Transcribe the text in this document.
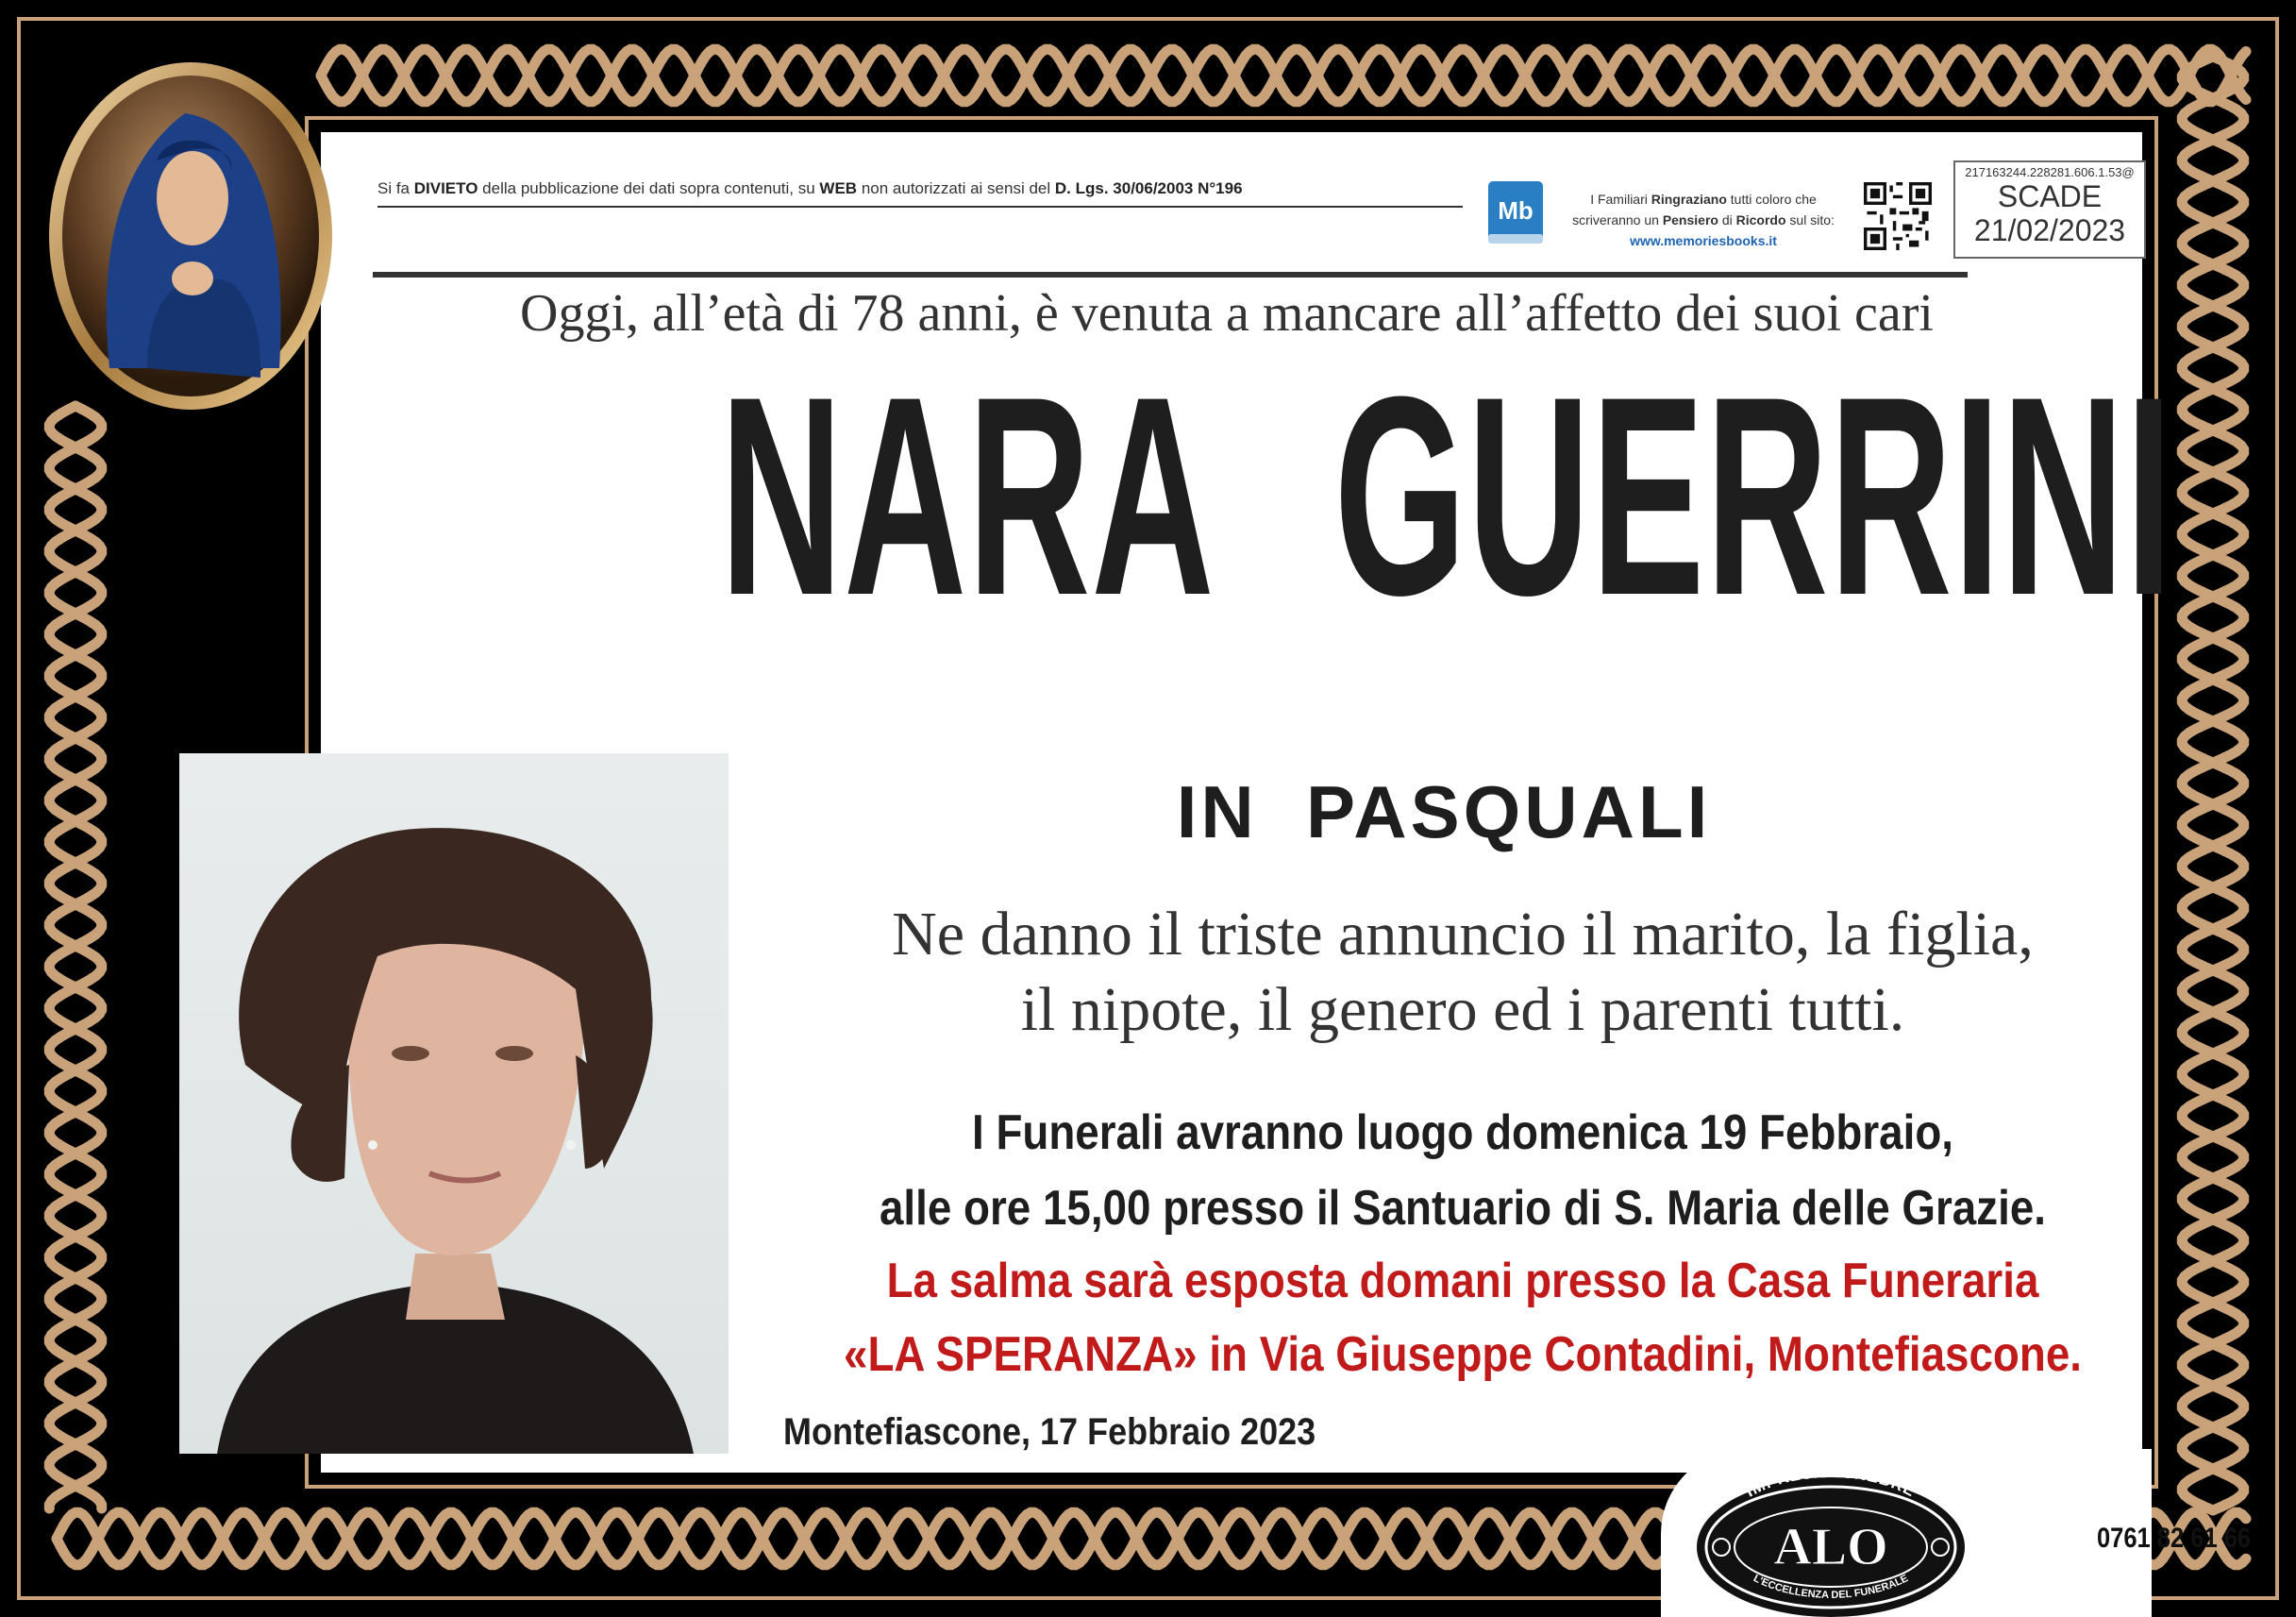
Si fa DIVIETO della pubblicazione dei dati sopra contenuti, su WEB non autorizzati ai sensi del D. Lgs. 30/06/2003 N°196
Mb	I Familiari Ringraziano tutti coloro che
scriveranno un Pensiero di Ricordo sul sito:
www.memoriesbooks.it
217163244.228281.606.1.53@
SCADE
21/02/2023
Oggi, all’età di 78 anni, è venuta a mancare all’affetto dei suoi cari
NARA GUERRINI
IN  PASQUALI
Ne danno il triste annuncio il marito, la figlia,
il nipote, il genero ed i parenti tutti.
I Funerali avranno luogo domenica 19 Febbraio,
alle ore 15,00 presso il Santuario di S. Maria delle Grazie.
La salma sarà esposta domani presso la Casa Funeraria
«LA SPERANZA» in Via Giuseppe Contadini, Montefiascone.
Montefiascone, 17 Febbraio 2023
IMPRESA FUNEBRE
ALO
L'ECCELLENZA DEL FUNERALE
0761 82 61 66
